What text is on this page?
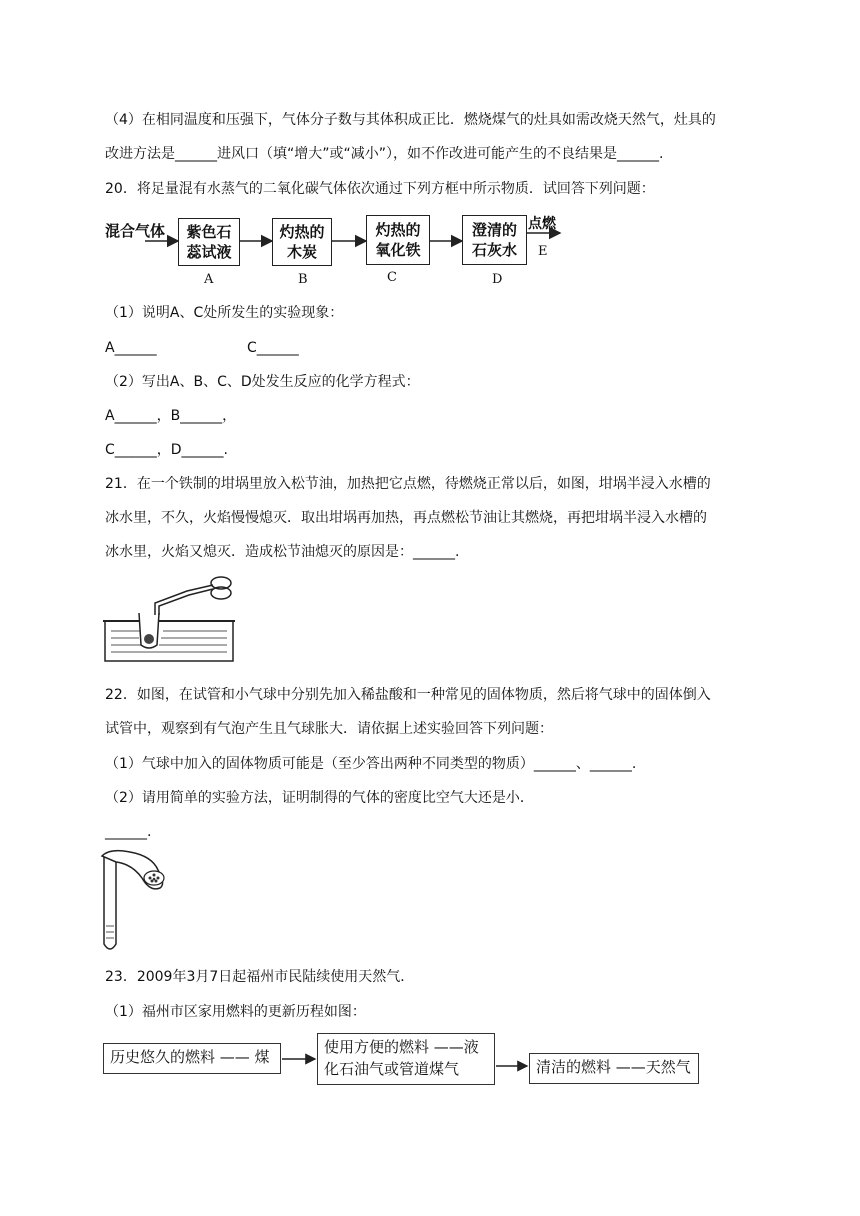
（4）在相同温度和压强下，气体分子数与其体积成正比．燃烧煤气的灶具如需改烧天然气，灶具的
改进方法是______进风口（填“增大”或“减小”），如不作改进可能产生的不良结果是______.
20．将足量混有水蒸气的二氧化碳气体依次通过下列方框中所示物质．试回答下列问题：
混合气体 紫色石
蕊试液
A
灼热的
木炭
B
灼热的
氧化铁
C
澄清的
石灰水
D
点燃
E
（1）说明A、C处所发生的实验现象：
A______	C______
（2）写出A、B、C、D处发生反应的化学方程式：
A______，B______，
C______，D______.
21．在一个铁制的坩埚里放入松节油，加热把它点燃，待燃烧正常以后，如图，坩埚半浸入水槽的
冰水里，不久，火焰慢慢熄灭．取出坩埚再加热，再点燃松节油让其燃烧，再把坩埚半浸入水槽的
冰水里，火焰又熄灭．造成松节油熄灭的原因是：______.
22．如图，在试管和小气球中分别先加入稀盐酸和一种常见的固体物质，然后将气球中的固体倒入
试管中，观察到有气泡产生且气球胀大．请依据上述实验回答下列问题：
（1）气球中加入的固体物质可能是（至少答出两种不同类型的物质）______、______.
（2）请用简单的实验方法，证明制得的气体的密度比空气大还是小．
______.
23．2009年3月7日起福州市民陆续使用天然气．
（1）福州市区家用燃料的更新历程如图：
历史悠久的燃料 —— 煤
使用方便的燃料 ——液
化石油气或管道煤气	清洁的燃料 ——天然气
